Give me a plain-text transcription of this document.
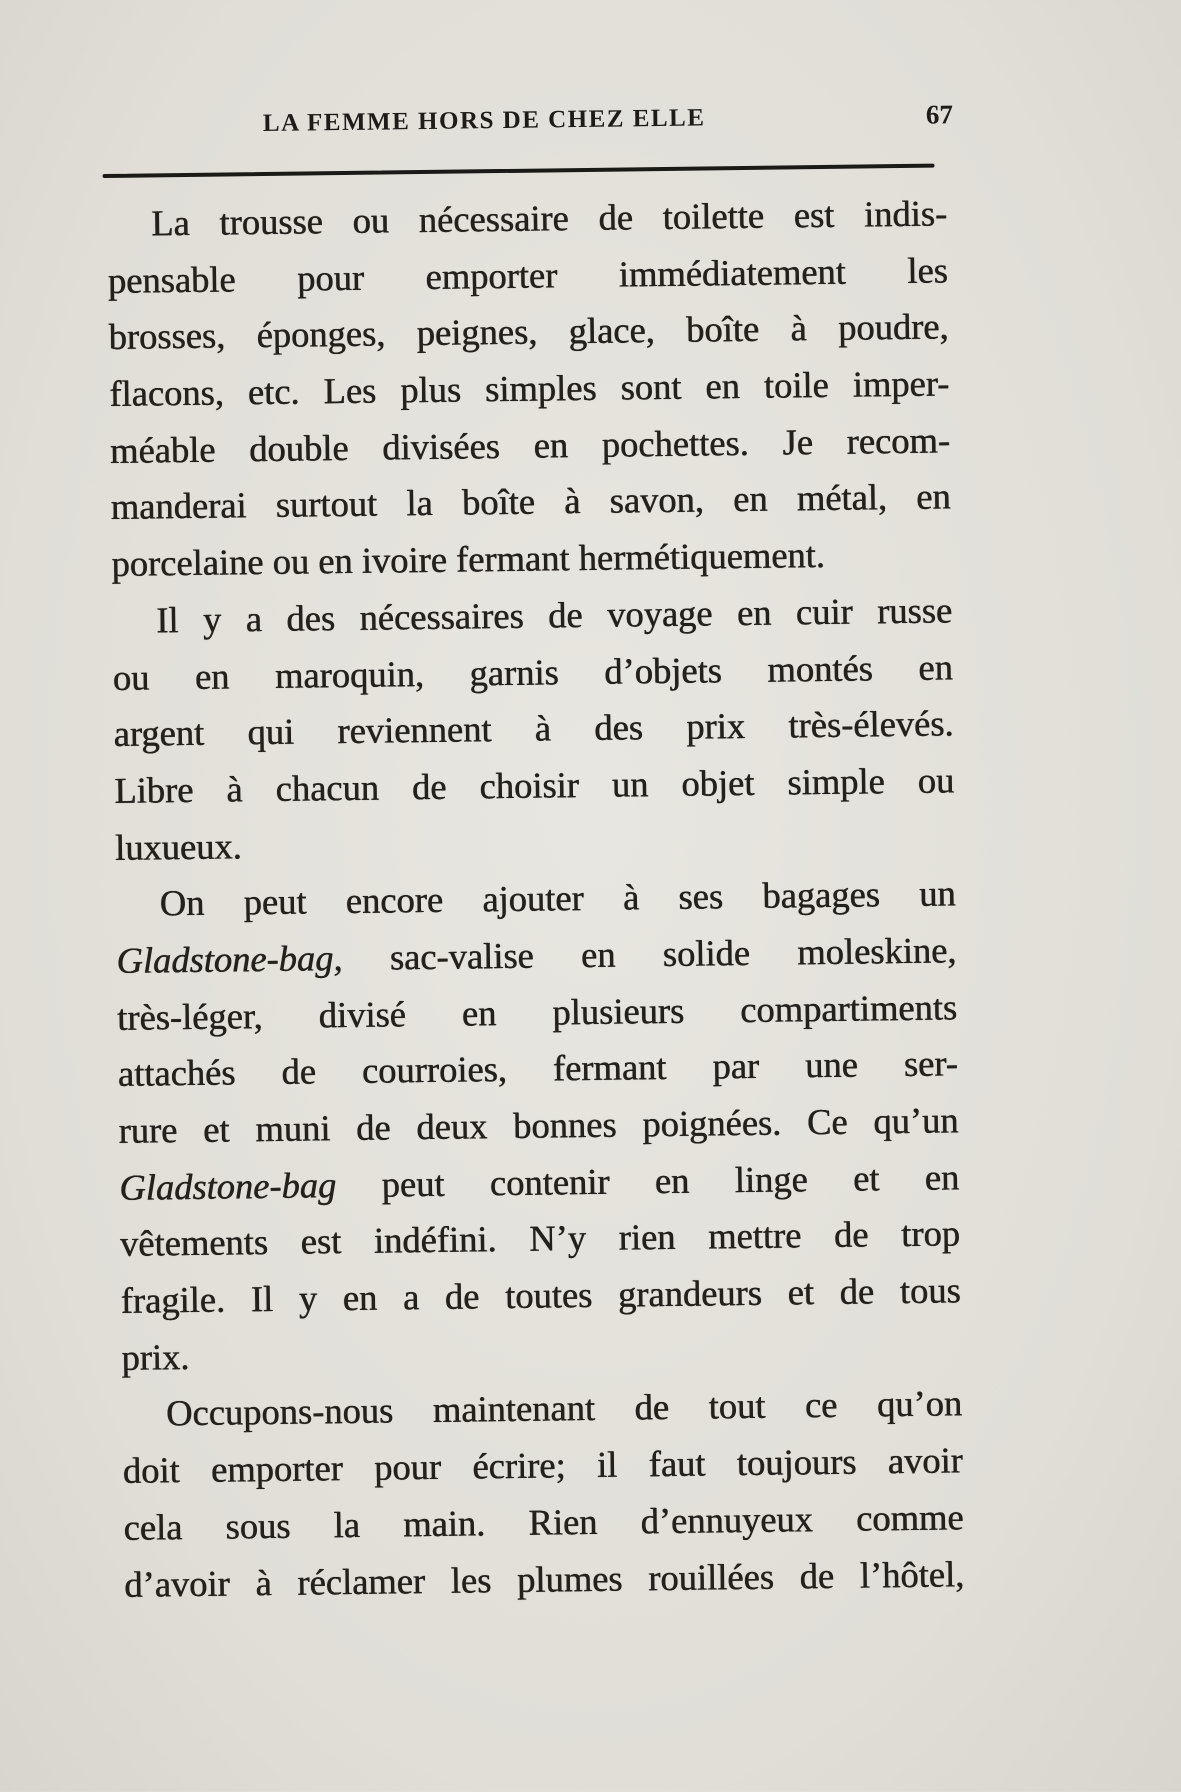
LA FEMME HORS DE CHEZ ELLE	67
La trousse ou nécessaire de toilette est indis-
pensable pour emporter immédiatement les
brosses, éponges, peignes, glace, boîte à poudre,
flacons, etc. Les plus simples sont en toile imper-
méable double divisées en pochettes. Je recom-
manderai surtout la boîte à savon, en métal, en
porcelaine ou en ivoire fermant hermétiquement.
Il y a des nécessaires de voyage en cuir russe
ou en maroquin, garnis d’objets montés en
argent qui reviennent à des prix très-élevés.
Libre à chacun de choisir un objet simple ou
luxueux.
On peut encore ajouter à ses bagages un
Gladstone-bag, sac-valise en solide moleskine,
très-léger, divisé en plusieurs compartiments
attachés de courroies, fermant par une ser-
rure et muni de deux bonnes poignées. Ce qu’un
Gladstone-bag peut contenir en linge et en
vêtements est indéfini. N’y rien mettre de trop
fragile. Il y en a de toutes grandeurs et de tous
prix.
Occupons-nous maintenant de tout ce qu’on
doit emporter pour écrire; il faut toujours avoir
cela sous la main. Rien d’ennuyeux comme
d’avoir à réclamer les plumes rouillées de l’hôtel,
